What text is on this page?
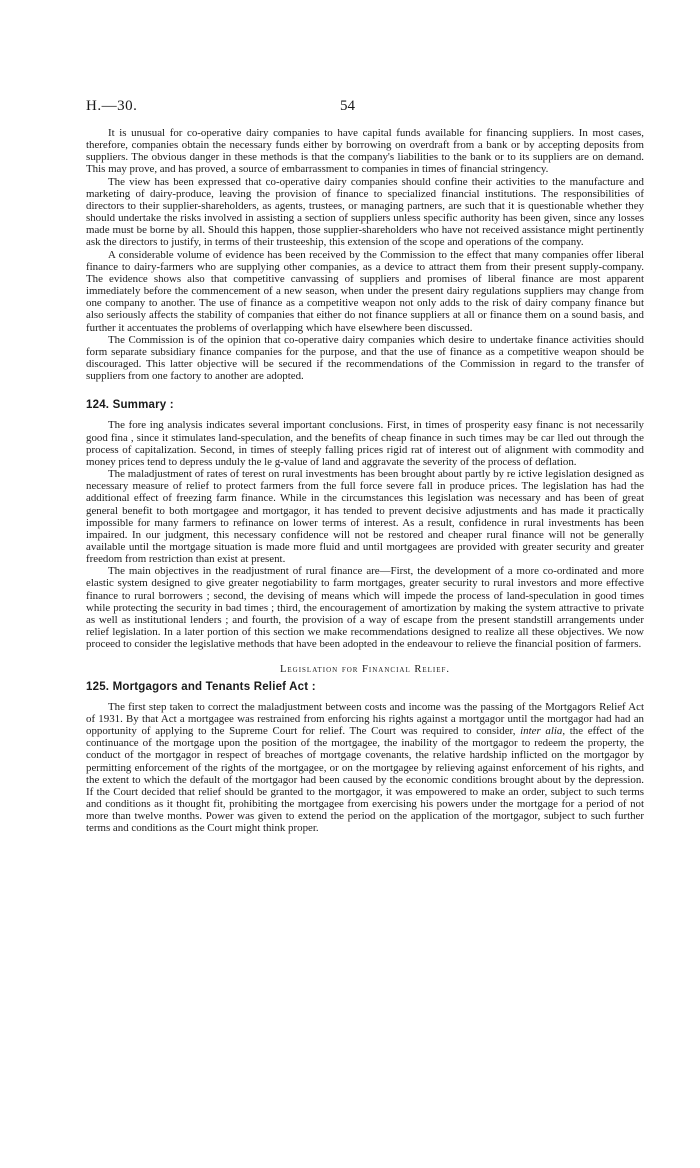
H.—30.	54

It is unusual for co-operative dairy companies to have capital funds available for financing suppliers. In most cases, therefore, companies obtain the necessary funds either by borrowing on overdraft from a bank or by accepting deposits from suppliers. The obvious danger in these methods is that the company's liabilities to the bank or to its suppliers are on demand. This may prove, and has proved, a source of embarrassment to companies in times of financial stringency.

The view has been expressed that co-operative dairy companies should confine their activities to the manufacture and marketing of dairy-produce, leaving the provision of finance to specialized financial institutions. The responsibilities of directors to their supplier-shareholders, as agents, trustees, or managing partners, are such that it is questionable whether they should undertake the risks involved in assisting a section of suppliers unless specific authority has been given, since any losses made must be borne by all. Should this happen, those supplier-shareholders who have not received assistance might pertinently ask the directors to justify, in terms of their trusteeship, this extension of the scope and operations of the company.

A considerable volume of evidence has been received by the Commission to the effect that many companies offer liberal finance to dairy-farmers who are supplying other companies, as a device to attract them from their present supply-company. The evidence shows also that competitive canvassing of suppliers and promises of liberal finance are most apparent immediately before the commencement of a new season, when under the present dairy regulations suppliers may change from one company to another. The use of finance as a competitive weapon not only adds to the risk of dairy company finance but also seriously affects the stability of companies that either do not finance suppliers at all or finance them on a sound basis, and further it accentuates the problems of overlapping which have elsewhere been discussed.

The Commission is of the opinion that co-operative dairy companies which desire to undertake finance activities should form separate subsidiary finance companies for the purpose, and that the use of finance as a competitive weapon should be discouraged. This latter objective will be secured if the recommendations of the Commission in regard to the transfer of suppliers from one factory to another are adopted.

124. Summary :

The fore ing analysis indicates several important conclusions. First, in times of prosperity easy financ is not necessarily good fina , since it stimulates land-speculation, and the benefits of cheap finance in such times may be car lled out through the process of capitalization. Second, in times of steeply falling prices rigid rat of interest out of alignment with commodity and money prices tend to depress unduly the le g-value of land and aggravate the severity of the process of deflation.

The maladjustment of rates of terest on rural investments has been brought about partly by re ictive legislation designed as necessary measure of relief to protect farmers from the full force severe fall in produce prices. The legislation has had the additional effect of freezing farm finance. While in the circumstances this legislation was necessary and has been of great general benefit to both mortgagee and mortgagor, it has tended to prevent decisive adjustments and has made it practically impossible for many farmers to refinance on lower terms of interest. As a result, confidence in rural investments has been impaired. In our judgment, this necessary confidence will not be restored and cheaper rural finance will not be generally available until the mortgage situation is made more fluid and until mortgagees are provided with greater security and greater freedom from restriction than exist at present.

The main objectives in the readjustment of rural finance are—First, the development of a more co-ordinated and more elastic system designed to give greater negotiability to farm mortgages, greater security to rural investors and more effective finance to rural borrowers ; second, the devising of means which will impede the process of land-speculation in good times while protecting the security in bad times ; third, the encouragement of amortization by making the system attractive to private as well as institutional lenders ; and fourth, the provision of a way of escape from the present standstill arrangements under relief legislation. In a later portion of this section we make recommendations designed to realize all these objectives. We now proceed to consider the legislative methods that have been adopted in the endeavour to relieve the financial position of farmers.

Legislation for Financial Relief.
125. Mortgagors and Tenants Relief Act :

The first step taken to correct the maladjustment between costs and income was the passing of the Mortgagors Relief Act of 1931. By that Act a mortgagee was restrained from enforcing his rights against a mortgagor until the mortgagor had had an opportunity of applying to the Supreme Court for relief. The Court was required to consider, inter alia, the effect of the continuance of the mortgage upon the position of the mortgagee, the inability of the mortgagor to redeem the property, the conduct of the mortgagor in respect of breaches of mortgage covenants, the relative hardship inflicted on the mortgagor by permitting enforcement of the rights of the mortgagee, or on the mortgagee by relieving against enforcement of his rights, and the extent to which the default of the mortgagor had been caused by the economic conditions brought about by the depression. If the Court decided that relief should be granted to the mortgagor, it was empowered to make an order, subject to such terms and conditions as it thought fit, prohibiting the mortgagee from exercising his powers under the mortgage for a period of not more than twelve months. Power was given to extend the period on the application of the mortgagor, subject to such further terms and conditions as the Court might think proper.
